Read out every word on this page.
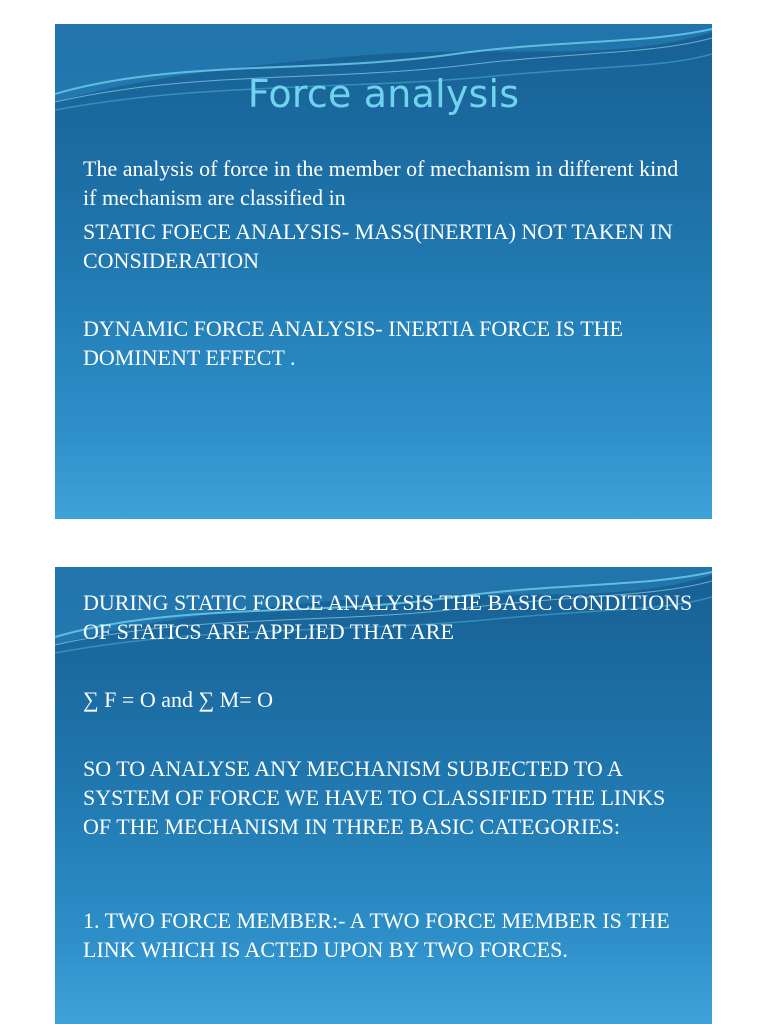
Force analysis

The analysis of force in the member of mechanism in different kind if mechanism are classified in

STATIC FOECE ANALYSIS- MASS(INERTIA) NOT TAKEN IN CONSIDERATION

DYNAMIC FORCE ANALYSIS- INERTIA FORCE IS THE DOMINENT EFFECT .

DURING STATIC FORCE ANALYSIS THE BASIC CONDITIONS OF STATICS ARE APPLIED THAT ARE

∑ F = O and ∑ M= O

SO TO ANALYSE ANY MECHANISM SUBJECTED TO A SYSTEM OF FORCE WE HAVE TO CLASSIFIED THE LINKS OF THE MECHANISM IN THREE BASIC CATEGORIES:

1. TWO FORCE MEMBER:- A TWO FORCE MEMBER IS THE LINK WHICH IS ACTED UPON BY TWO FORCES.
